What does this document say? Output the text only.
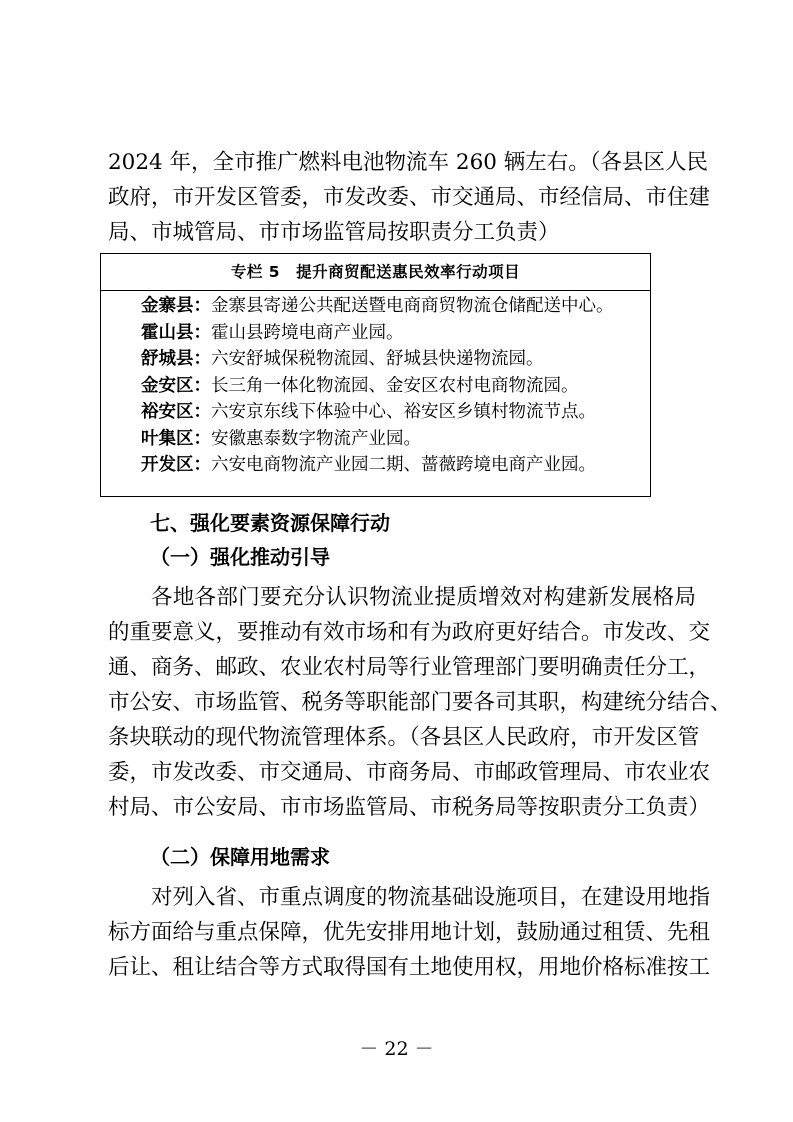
2024 年，全市推广燃料电池物流车 260 辆左右。（各县区人民
政府，市开发区管委，市发改委、市交通局、市经信局、市住建
局、市城管局、市市场监管局按职责分工负责）
专栏 5　提升商贸配送惠民效率行动项目
金寨县：金寨县寄递公共配送暨电商商贸物流仓储配送中心。
霍山县：霍山县跨境电商产业园。
舒城县：六安舒城保税物流园、舒城县快递物流园。
金安区：长三角一体化物流园、金安区农村电商物流园。
裕安区：六安京东线下体验中心、裕安区乡镇村物流节点。
叶集区：安徽惠泰数字物流产业园。
开发区：六安电商物流产业园二期、蔷薇跨境电商产业园。
七、强化要素资源保障行动
（一）强化推动引导
各地各部门要充分认识物流业提质增效对构建新发展格局
的重要意义，要推动有效市场和有为政府更好结合。市发改、交
通、商务、邮政、农业农村局等行业管理部门要明确责任分工，
市公安、市场监管、税务等职能部门要各司其职，构建统分结合、
条块联动的现代物流管理体系。（各县区人民政府，市开发区管
委，市发改委、市交通局、市商务局、市邮政管理局、市农业农
村局、市公安局、市市场监管局、市税务局等按职责分工负责）
（二）保障用地需求
对列入省、市重点调度的物流基础设施项目，在建设用地指
标方面给与重点保障，优先安排用地计划，鼓励通过租赁、先租
后让、租让结合等方式取得国有土地使用权，用地价格标准按工
－ 22 －
